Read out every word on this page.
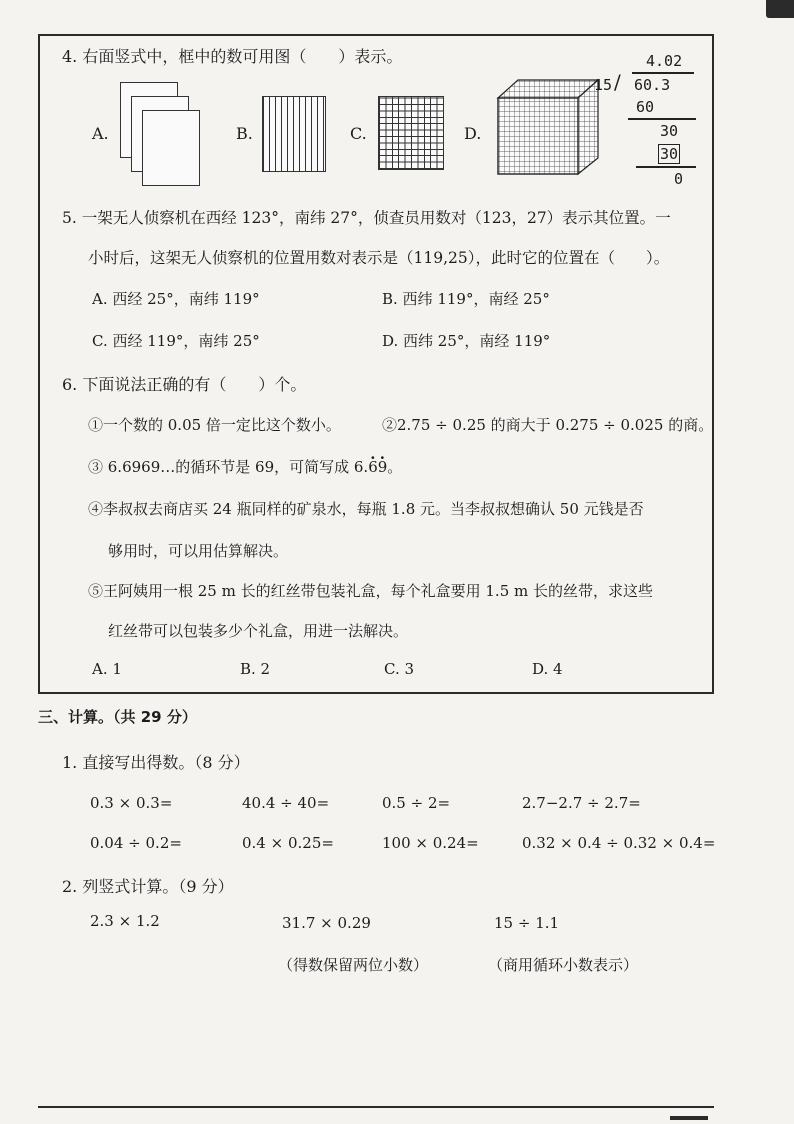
4. 右面竖式中，框中的数可用图（　　）表示。
A.	B.	C.	D.
4.02
15 / 60.3
60
30
30
0
5. 一架无人侦察机在西经 123°，南纬 27°，侦查员用数对（123，27）表示其位置。一
小时后，这架无人侦察机的位置用数对表示是（119,25），此时它的位置在（　　）。
A. 西经 25°，南纬 119°	B. 西纬 119°，南经 25°
C. 西经 119°，南纬 25°	D. 西纬 25°，南经 119°
6. 下面说法正确的有（　　）个。
①一个数的 0.05 倍一定比这个数小。	②2.75 ÷ 0.25 的商大于 0.275 ÷ 0.025 的商。
③ 6.6969…的循环节是 69，可简写成 6.. 6. 9。
④李叔叔去商店买 24 瓶同样的矿泉水，每瓶 1.8 元。当李叔叔想确认 50 元钱是否
够用时，可以用估算解决。
⑤王阿姨用一根 25 m 长的红丝带包装礼盒，每个礼盒要用 1.5 m 长的丝带，求这些
红丝带可以包装多少个礼盒，用进一法解决。
A. 1	B. 2	C. 3	D. 4
三、计算。（共 29 分）
1. 直接写出得数。（8 分）
0.3 × 0.3=	40.4 ÷ 40=	0.5 ÷ 2=	2.7−2.7 ÷ 2.7=
0.04 ÷ 0.2=	0.4 × 0.25=	100 × 0.24=	0.32 × 0.4 ÷ 0.32 × 0.4=
2. 列竖式计算。（9 分）
2.3 × 1.2	31.7 × 0.29	15 ÷ 1.1
（得数保留两位小数）	（商用循环小数表示）
